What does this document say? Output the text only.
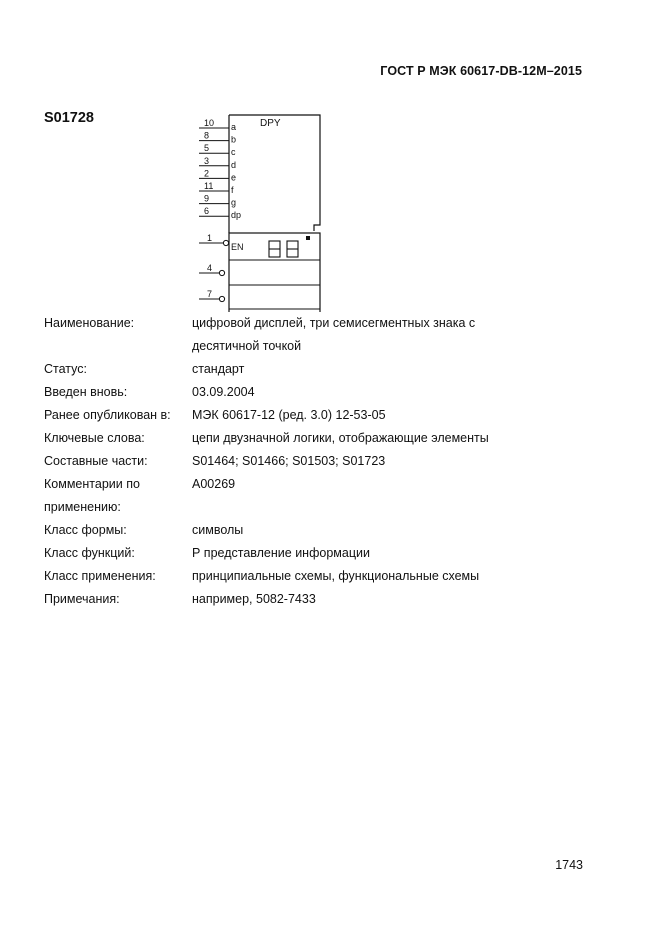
ГОСТ Р МЭК 60617-DB-12M–2015
S01728	DPY
10 a
8 b
5 c
3 d
2 e
11 f
9 g
6 dp
EN
1
4
7
Наименование:	цифровой дисплей, три семисегментных знака с
десятичной точкой
Статус:	стандарт
Введен вновь:	03.09.2004
Ранее опубликован в:	МЭК 60617-12 (ред. 3.0) 12-53-05
Ключевые слова:	цепи двузначной логики, отображающие элементы
Составные части:	S01464; S01466; S01503; S01723
Комментарии по
применению:
A00269
Класс формы:	символы
Класс функций:	Р представление информации
Класс применения:	принципиальные схемы, функциональные схемы
Примечания:	например, 5082-7433
1743
